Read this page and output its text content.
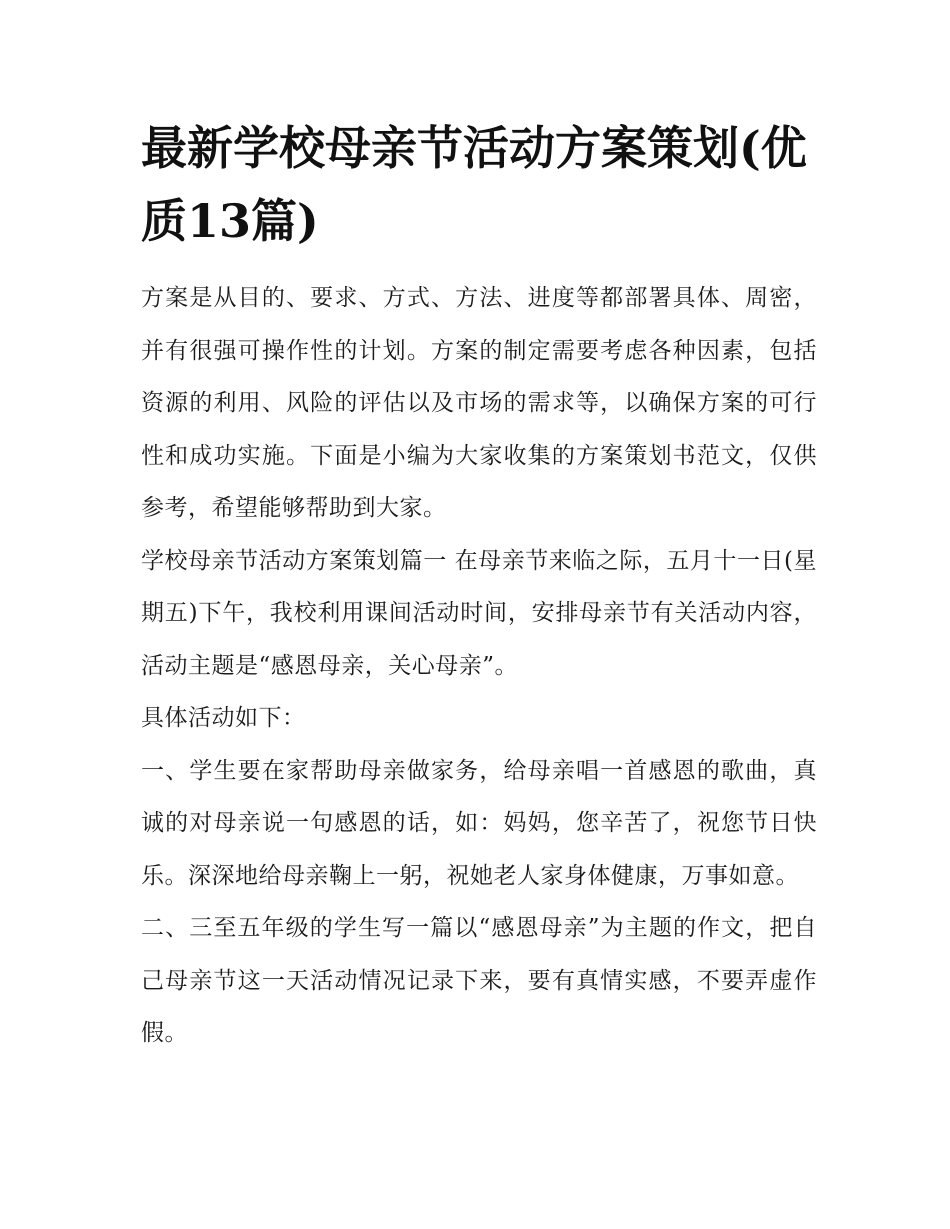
最新学校母亲节活动方案策划(优质13篇)

方案是从目的、要求、方式、方法、进度等都部署具体、周密，并有很强可操作性的计划。方案的制定需要考虑各种因素，包括资源的利用、风险的评估以及市场的需求等，以确保方案的可行性和成功实施。下面是小编为大家收集的方案策划书范文，仅供参考，希望能够帮助到大家。

学校母亲节活动方案策划篇一 在母亲节来临之际，五月十一日(星期五)下午，我校利用课间活动时间，安排母亲节有关活动内容，活动主题是“感恩母亲，关心母亲”。

具体活动如下：

一、学生要在家帮助母亲做家务，给母亲唱一首感恩的歌曲，真诚的对母亲说一句感恩的话，如：妈妈，您辛苦了，祝您节日快乐。深深地给母亲鞠上一躬，祝她老人家身体健康，万事如意。

二、三至五年级的学生写一篇以“感恩母亲”为主题的作文，把自己母亲节这一天活动情况记录下来，要有真情实感，不要弄虚作假。
